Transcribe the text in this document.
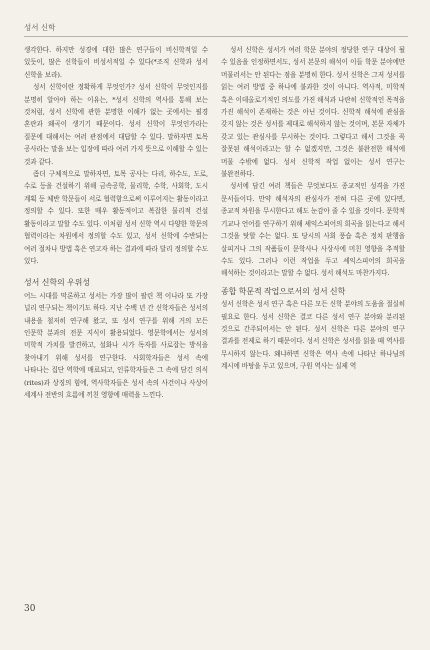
성서 신학

생각한다. 하지만 성경에 대한 많은 연구들이 비신학적일 수 있듯이, 많은 신학들이 비성서적일 수 있다(*조직 신학과 성서 신학을 보라).

성서 신학이란 정확하게 무엇인가? 성서 신학이 무엇인지를 분명히 알아야 하는 이유는, *성서 신학의 역사를 통해 보는 것처럼, 성서 신학에 관한 분명한 이해가 없는 곳에서는 필경 혼란과 왜곡이 생기기 때문이다. 성서 신학이 무엇인가라는 질문에 대해서는 여러 관점에서 대답할 수 있다. 말하자면 토목 공사라는 말을 보는 입장에 따라 여러 가지 뜻으로 이해할 수 있는 것과 같다.

좀더 구체적으로 말하자면, 토목 공사는 다리, 하수도, 도로, 수로 등을 건설하기 위해 금속공학, 물리학, 수학, 사회학, 도시 계획 등 체반 학문들이 서로 협력함으로써 이루어지는 활동이라고 정의할 수 있다. 또한 매우 활동적이고 복잡한 물리적 건설 활동이라고 말할 수도 있다. 이처럼 성서 신학 역시 다양한 학문의 협력이라는 차원에서 정의할 수도 있고, 성서 신학에 수반되는 여러 절차나 방법 혹은 연고자 하는 결과에 따라 달리 정의할 수도 있다.

성서 신학의 우위성

어느 시대를 막론하고 성서는 가장 많이 팔린 책 이나라 또 가장 널리 연구되는 책이기도 하다. 지난 수백 년 간 신학자들은 성서의 내용을 철저히 연구해 왔고, 또 성서 연구를 위해 거의 모든 인문학 분과의 전문 지식이 활용되었다. 영문학에서는 성서의 미학적 가치를 발견하고, 설화나 시가 독자를 사로잡는 방식을 찾아내기 위해 성서를 연구한다. 사회학자들은 성서 속에 나타나는 집단 역학에 매료되고, 인류학자들은 그 속에 담긴 의식(rites)과 상징의 힘에, 역사학자들은 성서 속의 사건이나 사상이 세계사 전반의 흐름에 끼친 영향에 매력을 느낀다.

성서 신학은 성서가 여러 학문 분야의 정당한 연구 대상이 될 수 있음을 인정하면서도, 성서 본문의 해석이 이들 학문 분야에만 머물러서는 안 된다는 점을 분명히 한다. 성서 신학은 그저 성서를 읽는 여러 방법 중 하나에 불과한 것이 아니다. 역사적, 미학적 혹은 이데올로기적인 의도를 가진 해석과 나란히 신학적인 목적을 가진 해석이 존재하는 것은 아닌 것이다. 신학적 해석에 관심을 갖지 않는 것은 성서를 제대로 해석하지 않는 것이며, 본문 자체가 갖고 있는 관심사를 무시하는 것이다. 그렇다고 해서 그것을 꼭 잘못된 해석이라고는 할 수 없겠지만, 그것은 불완전한 해석에 머물 수밖에 없다. 성서 신학적 작업 없이는 성서 연구는 불완전하다.

성서에 담긴 여러 책들은 무엇보다도 종교적인 성격을 가진 문서들이다. 만약 해석자의 관심사가 전혀 다른 곳에 있다면, 종교적 차원을 무시한다고 해도 눈감아 줄 수 있을 것이다. 문학적 기교나 언어를 연구하기 위해 셰익스피어의 희곡을 읽는다고 해서 그것을 탓할 수는 없다. 또 당시의 사회 풍습 혹은 정치 판행을 살피거나 그의 작품들이 문학사나 사상사에 미친 영향을 추적할 수도 있다. 그러나 이런 작업을 두고 셰익스피어의 희곡을 해석하는 것이라고는 말할 수 없다. 성서 해석도 마찬가지다.

종합 학문적 작업으로서의 성서 신학

성서 신학은 성서 연구 혹은 다른 모든 신학 분야의 도움을 절실히 필요로 한다. 성서 신학은 결코 다른 성서 연구 분야와 분리된 것으로 간주되어서는 안 된다. 성서 신학은 다른 분야의 연구 결과를 전제로 하기 때문이다. 성서 신학은 성서를 읽을 때 역사를 무시하지 않는다. 왜냐하면 신학은 역사 속에 나타난 하나님의 계시에 바탕을 두고 있으며, 구원 역사는 실제 역

30
